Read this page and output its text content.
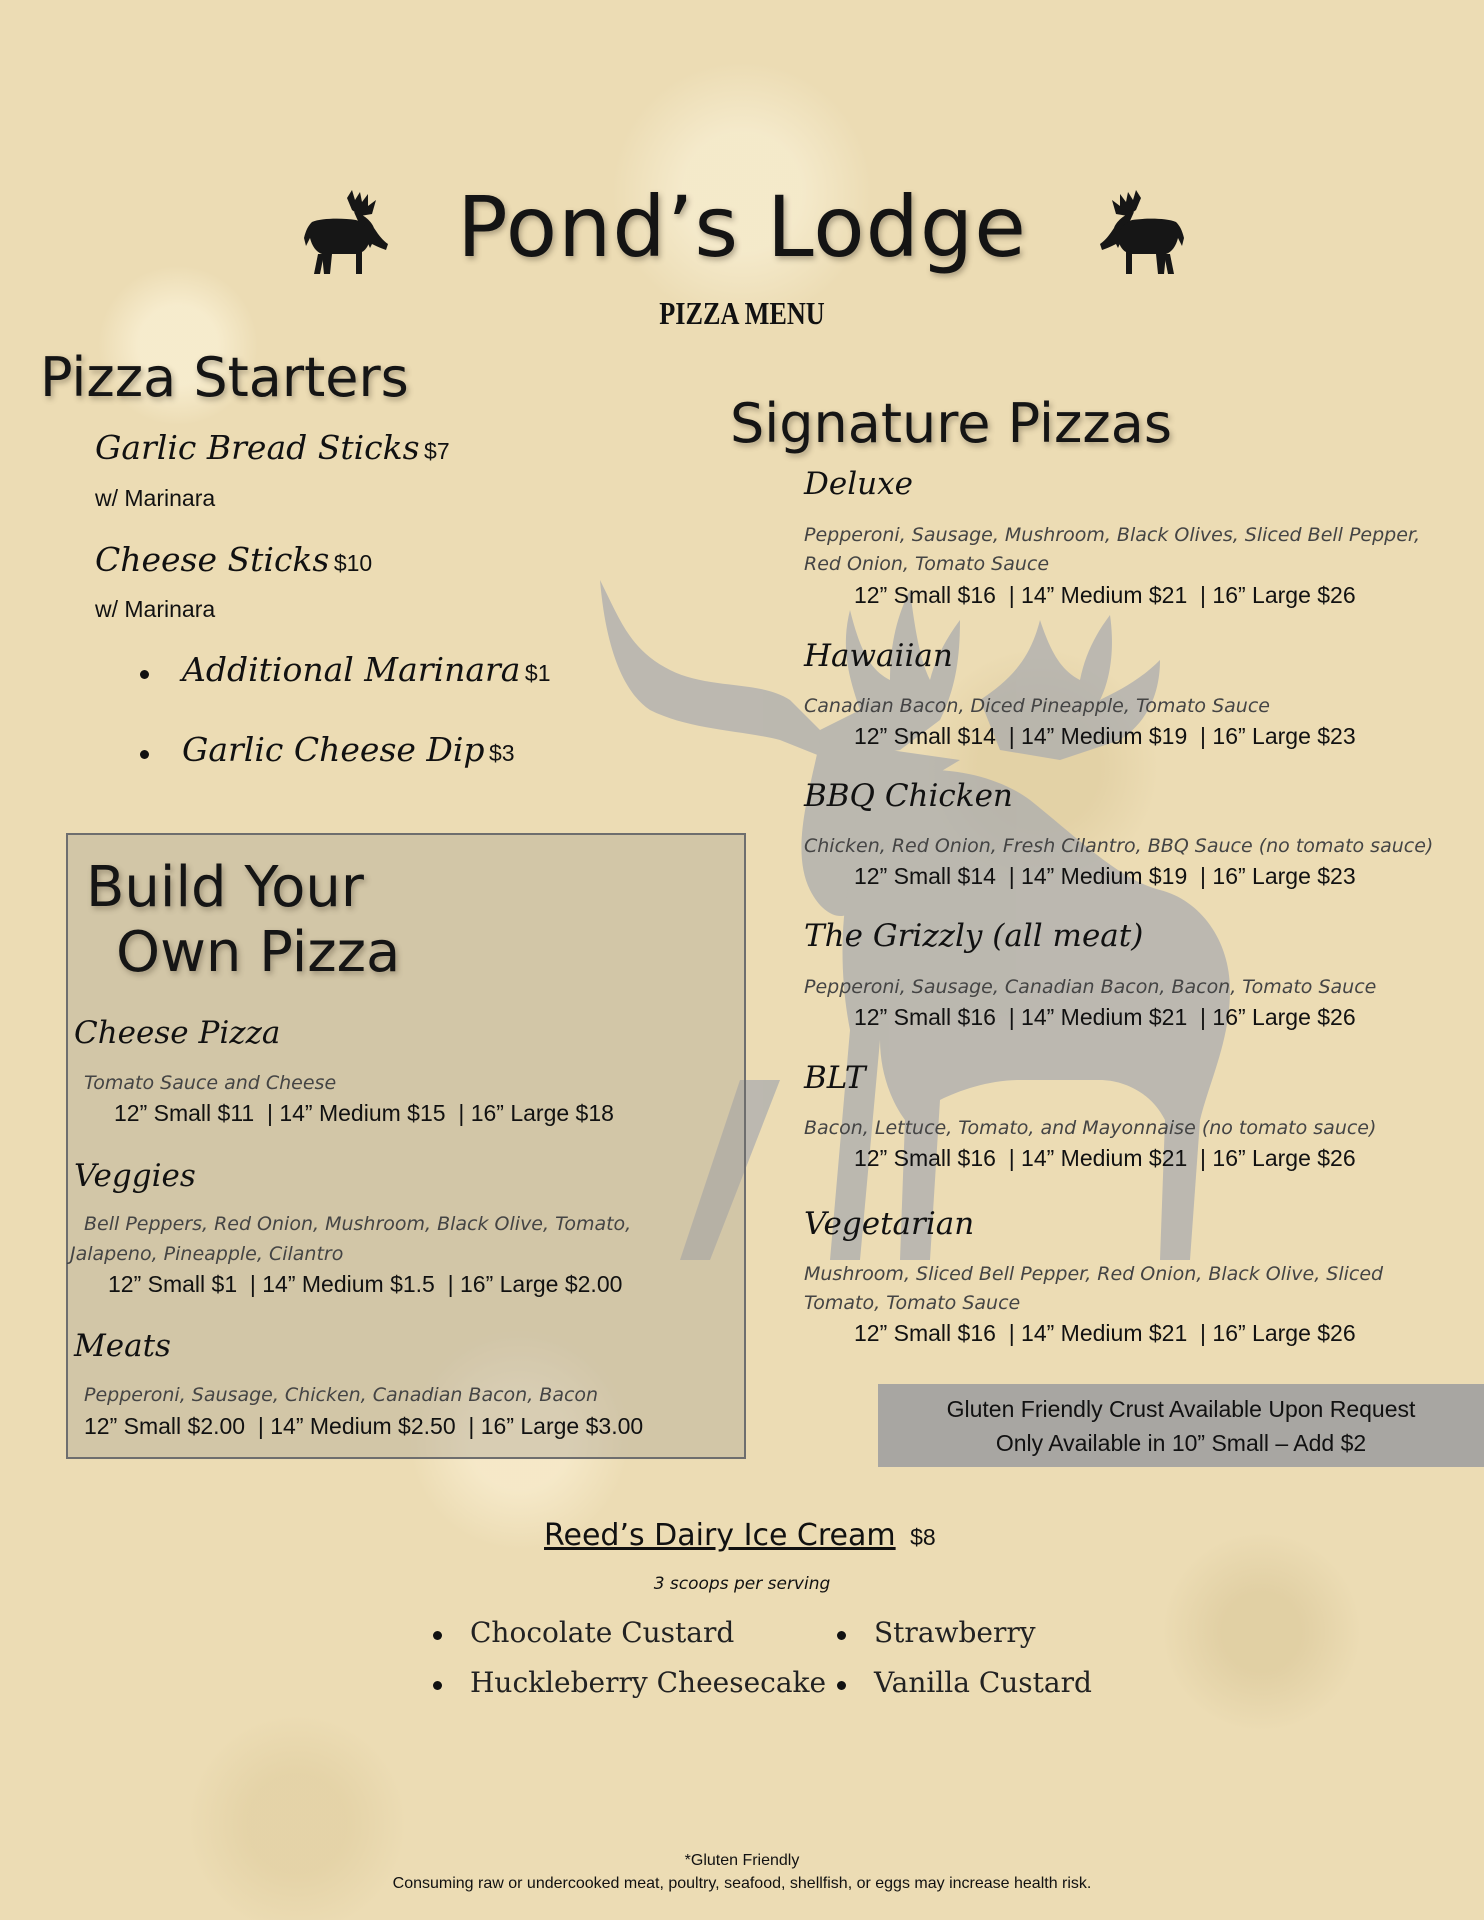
Pond’s Lodge
PIZZA MENU
Pizza Starters
Garlic Bread Sticks $7
w/ Marinara
Cheese Sticks $10
w/ Marinara
Additional Marinara $1
Garlic Cheese Dip $3
Build Your
Own Pizza
Cheese Pizza
Tomato Sauce and Cheese
12” Small $11  | 14” Medium $15  | 16” Large $18
Veggies
Bell Peppers, Red Onion, Mushroom, Black Olive, Tomato,
Jalapeno, Pineapple, Cilantro
12” Small $1  | 14” Medium $1.5  | 16” Large $2.00
Meats
Pepperoni, Sausage, Chicken, Canadian Bacon, Bacon
12” Small $2.00  | 14” Medium $2.50  | 16” Large $3.00
Signature Pizzas
Deluxe
Pepperoni, Sausage, Mushroom, Black Olives, Sliced Bell Pepper,
Red Onion, Tomato Sauce
12” Small $16  | 14” Medium $21  | 16” Large $26
Hawaiian
Canadian Bacon, Diced Pineapple, Tomato Sauce
12” Small $14  | 14” Medium $19  | 16” Large $23
BBQ Chicken
Chicken, Red Onion, Fresh Cilantro, BBQ Sauce (no tomato sauce)
12” Small $14  | 14” Medium $19  | 16” Large $23
The Grizzly (all meat)
Pepperoni, Sausage, Canadian Bacon, Bacon, Tomato Sauce
12” Small $16  | 14” Medium $21  | 16” Large $26
BLT
Bacon, Lettuce, Tomato, and Mayonnaise (no tomato sauce)
12” Small $16  | 14” Medium $21  | 16” Large $26
Vegetarian
Mushroom, Sliced Bell Pepper, Red Onion, Black Olive, Sliced
Tomato, Tomato Sauce
12” Small $16  | 14” Medium $21  | 16” Large $26
Gluten Friendly Crust Available Upon Request
Only Available in 10” Small – Add $2
Reed’s Dairy Ice Cream $8
3 scoops per serving
Chocolate Custard
Huckleberry Cheesecake
Strawberry
Vanilla Custard
*Gluten Friendly
Consuming raw or undercooked meat, poultry, seafood, shellfish, or eggs may increase health risk.
